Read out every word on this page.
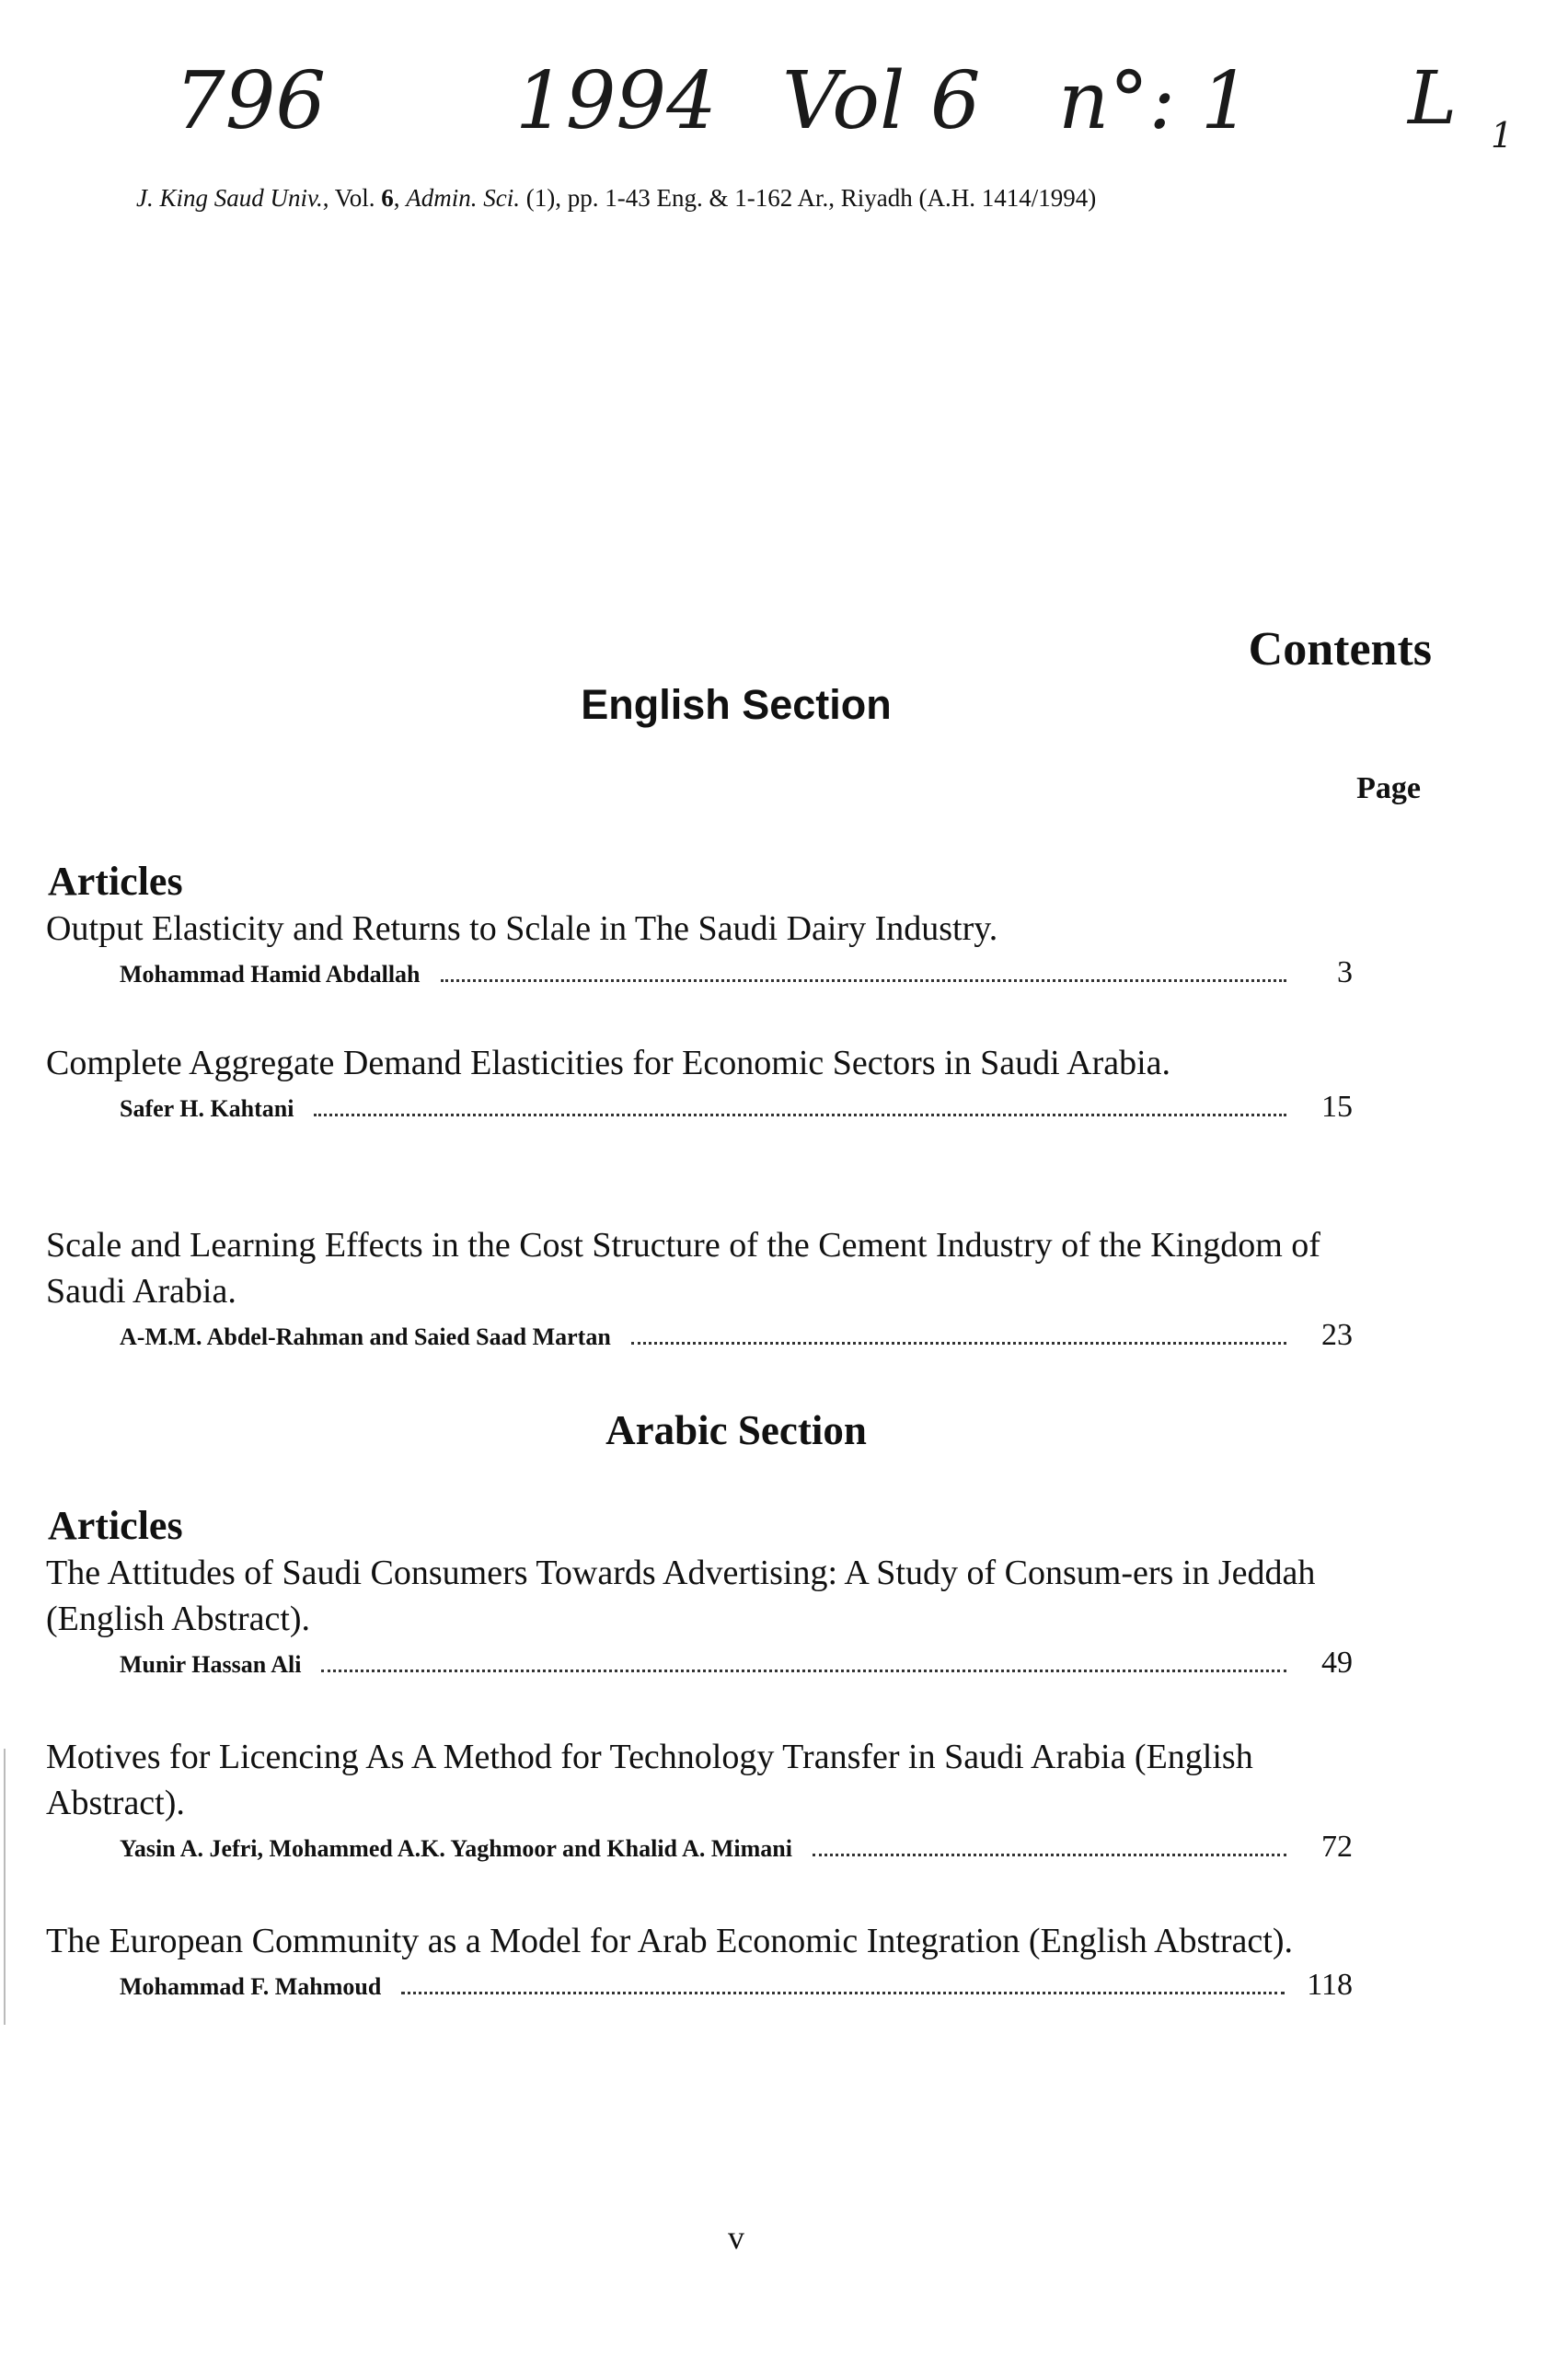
796 1994 Vol 6 n°: 1 L 1
J. King Saud Univ., Vol. 6, Admin. Sci. (1), pp. 1-43 Eng. & 1-162 Ar., Riyadh (A.H. 1414/1994)
Contents
English Section
Page
Articles
Output Elasticity and Returns to Sclale in The Saudi Dairy Industry.
Mohammad Hamid Abdallah	3
Complete Aggregate Demand Elasticities for Economic Sectors in Saudi Arabia.
Safer H. Kahtani	15
Scale and Learning Effects in the Cost Structure of the Cement Industry of the Kingdom of Saudi Arabia.
A-M.M. Abdel-Rahman and Saied Saad Martan	23
Arabic Section
Articles
The Attitudes of Saudi Consumers Towards Advertising: A Study of Consum-ers in Jeddah (English Abstract).
Munir Hassan Ali	49
Motives for Licencing As A Method for Technology Transfer in Saudi Arabia (English Abstract).
Yasin A. Jefri, Mohammed A.K. Yaghmoor and Khalid A. Mimani	72
The European Community as a Model for Arab Economic Integration (English Abstract).
Mohammad F. Mahmoud	118
v
